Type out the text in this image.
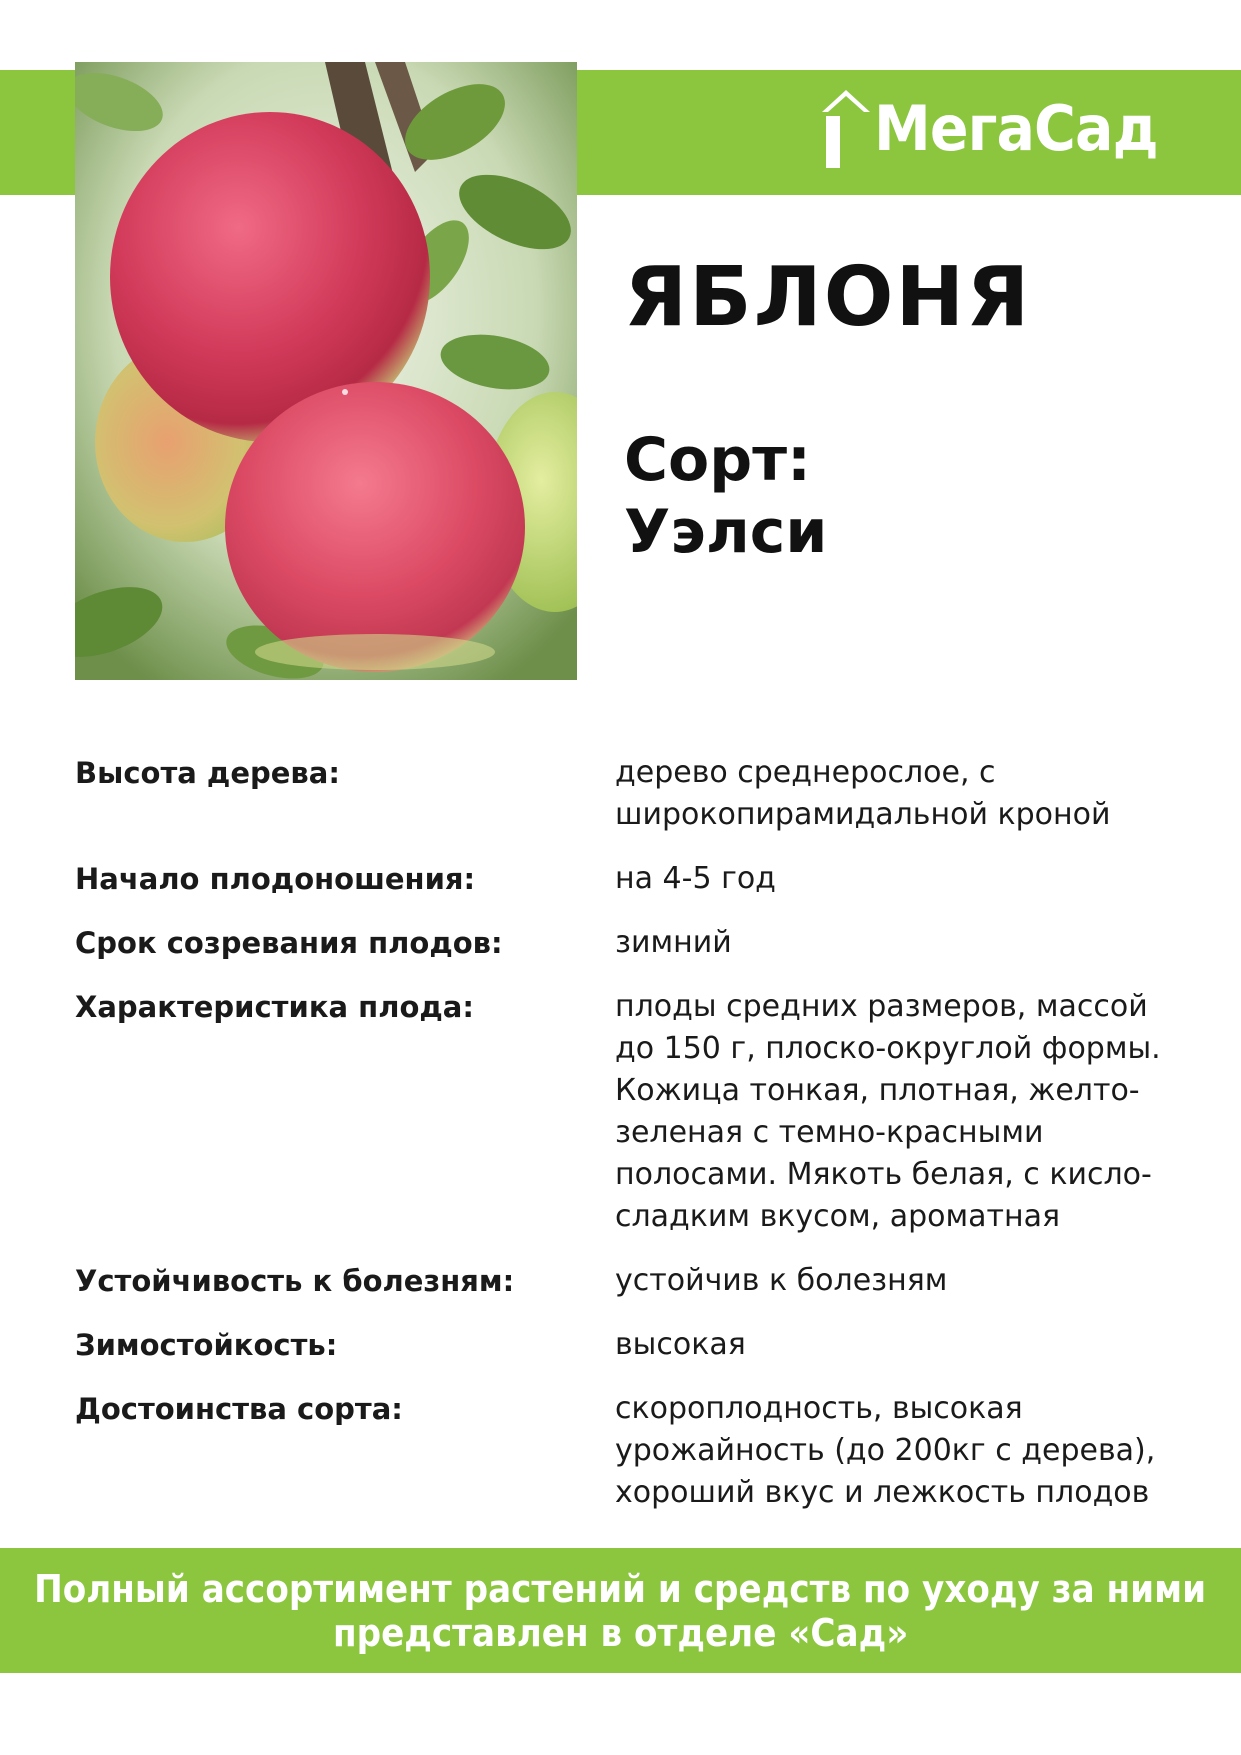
МегаСад
ЯБЛОНЯ
Сорт:
Уэлси
Высота дерева:	дерево среднерослое, с
широкопирамидальной кроной
Начало плодоношения:	на 4-5 год
Срок созревания плодов:	зимний
Характеристика плода:	плоды средних размеров, массой
до 150 г, плоско-округлой формы.
Кожица тонкая, плотная, желто-
зеленая с темно-красными
полосами. Мякоть белая, с кисло-
сладким вкусом, ароматная
Устойчивость к болезням:	устойчив к болезням
Зимостойкость:	высокая
Достоинства сорта:	скороплодность, высокая
урожайность (до 200кг с дерева),
хороший вкус и лежкость плодов
Полный ассортимент растений и средств по уходу за ними
представлен в отделе «Сад»
